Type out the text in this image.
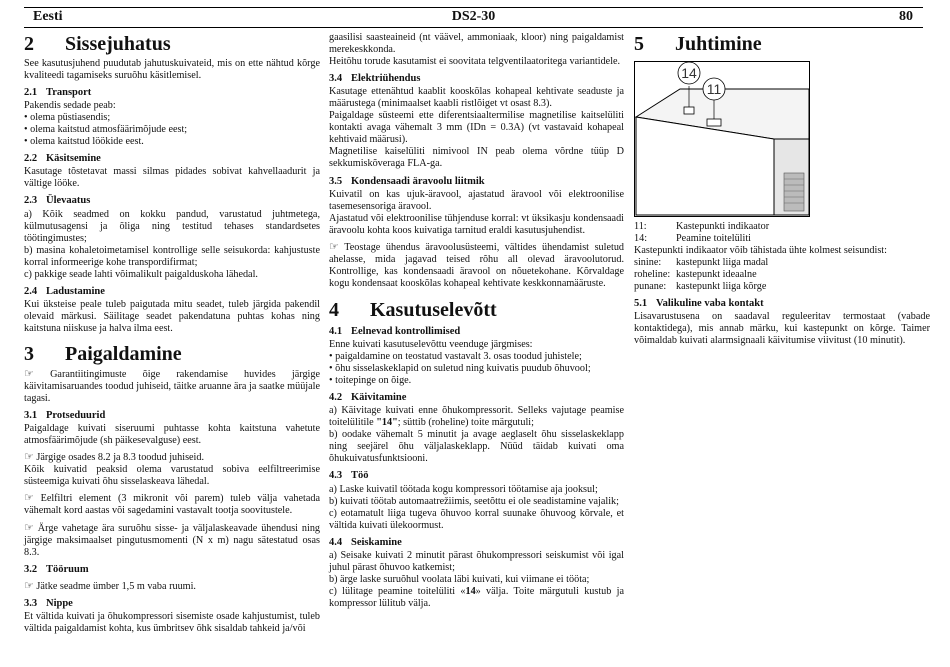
Eesti	DS2-30	80
2 Sissejuhatus

See kasutusjuhend puudutab jahutuskuivateid, mis on ette nähtud kõrge kvaliteedi tagamiseks suruõhu käsitlemisel.

2.1 Transport

Pakendis sedade peab:

• olema püstiasendis;
• olema kaitstud atmosfäärimõjude eest;
• olema kaitstud löökide eest.
2.2 Käsitsemine

Kasutage tõstetavat massi silmas pidades sobivat kahvellaadurit ja vältige lööke.

2.3 Ülevaatus

a) Kõik seadmed on kokku pandud, varustatud juhtmetega, külmutusagensi ja õliga ning testitud tehases standardsetes töötingimustes;

b) masina kohaletoimetamisel kontrollige selle seisukorda: kahjustuste korral informeerige kohe transpordifirmat;

c) pakkige seade lahti võimalikult paigalduskoha lähedal.

2.4 Ladustamine

Kui üksteise peale tuleb paigutada mitu seadet, tuleb järgida pakendil olevaid märkusi. Säilitage seadet pakendatuna puhtas kohas ning kaitstuna niiskuse ja halva ilma eest.

3 Paigaldamine

☞ Garantiitingimuste õige rakendamise huvides järgige käivitamisaruandes toodud juhiseid, täitke aruanne ära ja saatke müüjale tagasi.

3.1 Protseduurid

Paigaldage kuivati siseruumi puhtasse kohta kaitstuna vahetute atmosfäärimõjude (sh päikesevalguse) eest.

☞ Järgige osades 8.2 ja 8.3 toodud juhiseid.

Kõik kuivatid peaksid olema varustatud sobiva eelfiltreerimise süsteemiga kuivati õhu sisselaskeava lähedal.

☞ Eelfiltri element (3 mikronit või parem) tuleb välja vahetada vähemalt kord aastas või sagedamini vastavalt tootja soovitustele.

☞ Ärge vahetage ära suruõhu sisse- ja väljalaskeavade ühendusi ning järgige maksimaalset pingutusmomenti (N x m) nagu sätestatud osas 8.3.

3.2 Tööruum

☞ Jätke seadme ümber 1,5 m vaba ruumi.

3.3 Nippe

Et vältida kuivati ja õhukompressori sisemiste osade kahjustumist, tuleb vältida paigaldamist kohta, kus ümbritsev õhk sisaldab tahkeid ja/või

gaasilisi saasteaineid (nt väävel, ammoniaak, kloor) ning paigaldamist merekeskkonda.

Heitõhu torude kasutamist ei soovitata telgventilaatoritega variantidele.

3.4 Elektriühendus

Kasutage ettenähtud kaablit kooskõlas kohapeal kehtivate seaduste ja määrustega (minimaalset kaabli ristlõiget vt osast 8.3).

Paigaldage süsteemi ette diferentsiaaltermilise magnetilise kaitselüliti kontakti avaga vähemalt 3 mm (IDn = 0.3A) (vt vastavaid kohapeal kehtivaid määrusi).

Magnetilise kaiselüliti nimivool IN peab olema võrdne tüüp D sekkumiskõveraga FLA-ga.

3.5 Kondensaadi äravoolu liitmik

Kuivatil on kas ujuk-äravool, ajastatud äravool või elektroonilise tasemesensoriga äravool.

Ajastatud või elektroonilise tühjenduse korral: vt üksikasju kondensaadi äravoolu kohta koos kuivatiga tarnitud eraldi kasutusjuhendist.

☞ Teostage ühendus äravoolusüsteemi, vältides ühendamist suletud ahelasse, mida jagavad teised rõhu all olevad äravoolutorud. Kontrollige, kas kondensaadi äravool on nõuetekohane. Kõrvaldage kogu kondensaat kooskõlas kohapeal kehtivate keskkonnamääruste.

4 Kasutuselevõtt
4.1 Eelnevad kontrollimised

Enne kuivati kasutuselevõttu veenduge järgmises:

• paigaldamine on teostatud vastavalt 3. osas toodud juhistele;
• õhu sisselaskeklapid on suletud ning kuivatis puudub õhuvool;
• toitepinge on õige.
4.2 Käivitamine

a) Käivitage kuivati enne õhukompressorit. Selleks vajutage peamise toitelülitile "14"; süttib (roheline) toite märgutuli;

b) oodake vähemalt 5 minutit ja avage aeglaselt õhu sisselaskeklapp ning seejärel õhu väljalaskeklapp. Nüüd täidab kuivati oma õhukuivatusfunktsiooni.

4.3 Töö

a) Laske kuivatil töötada kogu kompressori töötamise aja jooksul;

b) kuivati töötab automaatrežiimis, seetõttu ei ole seadistamine vajalik;

c) eotamatult liiga tugeva õhuvoo korral suunake õhuvoog kõrvale, et vältida kuivati ülekoormust.

4.4 Seiskamine

a) Seisake kuivati 2 minutit pärast õhukompressori seiskumist või igal juhul pärast õhuvoo katkemist;

b) ärge laske suruõhul voolata läbi kuivati, kui viimane ei tööta;

c) lülitage peamine toitelüliti «14» välja. Toite märgutuli kustub ja kompressor lülitub välja.

5 Juhtimine
14
11
11:	Kastepunkti indikaator
14:	Peamine toitelüliti

Kastepunkti indikaator võib tähistada ühte kolmest seisundist:

sinine: kastepunkt liiga madal
roheline: kastepunkt ideaalne
punane: kastepunkt liiga kõrge
5.1 Valikuline vaba kontakt

Lisavarustusena on saadaval reguleeritav termostaat (vabade kontaktidega), mis annab märku, kui kastepunkt on kõrge. Taimer võimaldab kuivati alarmsignaali käivitumise viivitust (10 minutit).
